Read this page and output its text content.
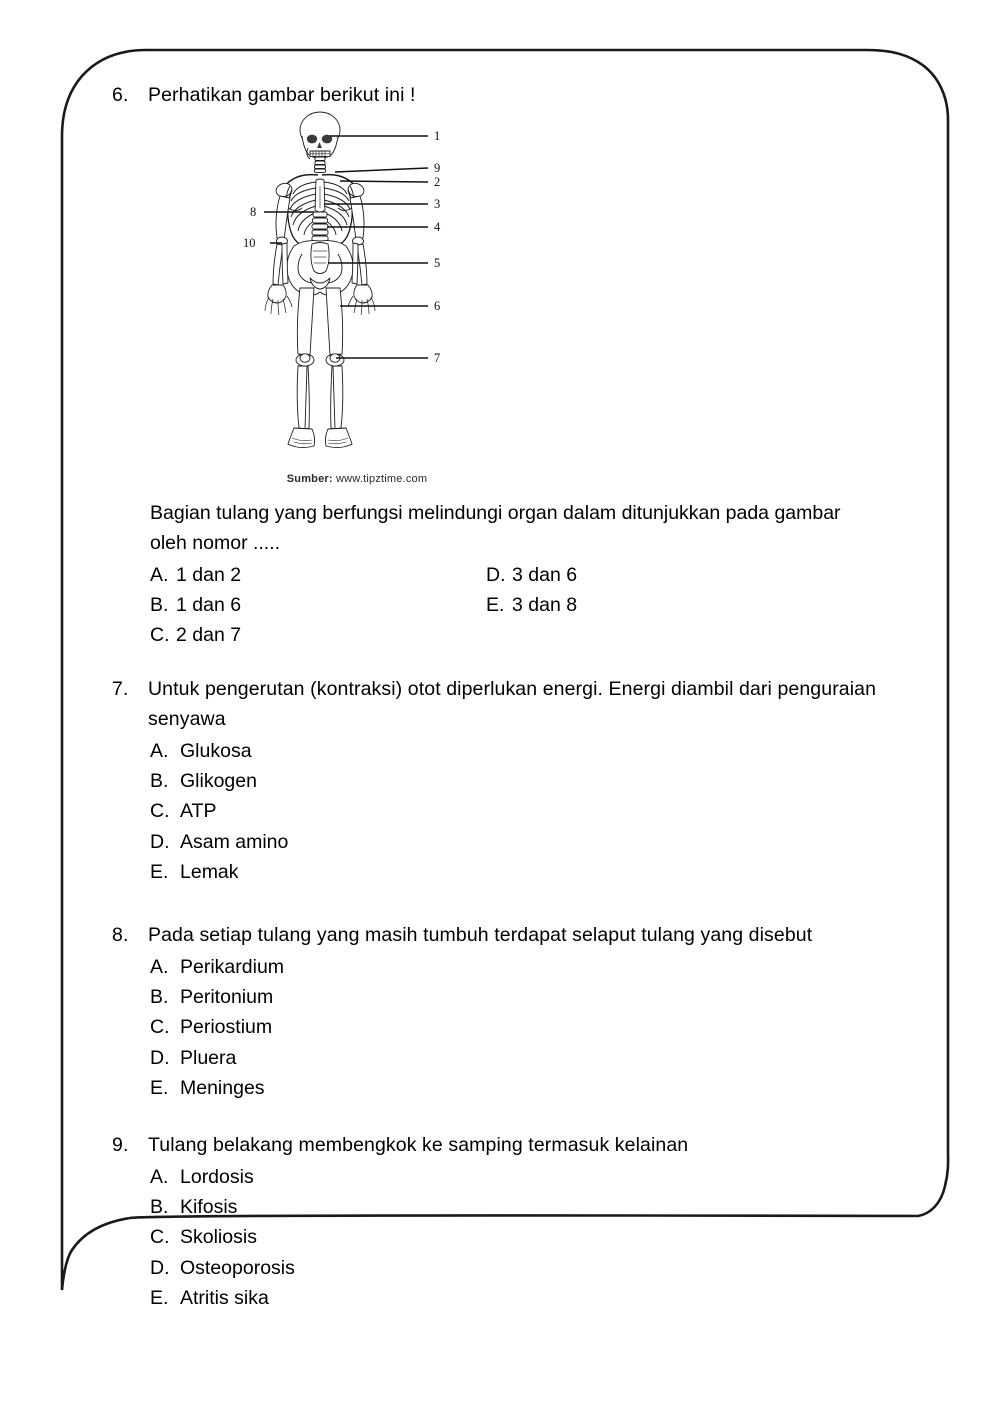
6.	Perhatikan gambar berikut ini !
1
9
2
3
4
5
6
7
8
10
Sumber: www.tipztime.com
Bagian tulang yang berfungsi melindungi organ dalam ditunjukkan pada gambar
oleh nomor .....
A. 1 dan 2
B. 1 dan 6
C. 2 dan 7
D. 3 dan 6
E. 3 dan 8
7.	Untuk pengerutan (kontraksi) otot diperlukan energi. Energi diambil dari penguraian
senyawa
A. Glukosa
B. Glikogen
C. ATP
D. Asam amino
E. Lemak
8.	Pada setiap tulang yang masih tumbuh terdapat selaput tulang yang disebut
A. Perikardium
B. Peritonium
C. Periostium
D. Pluera
E. Meninges
9.	Tulang belakang membengkok ke samping termasuk kelainan
A. Lordosis
B. Kifosis
C. Skoliosis
D. Osteoporosis
E. Atritis sika
